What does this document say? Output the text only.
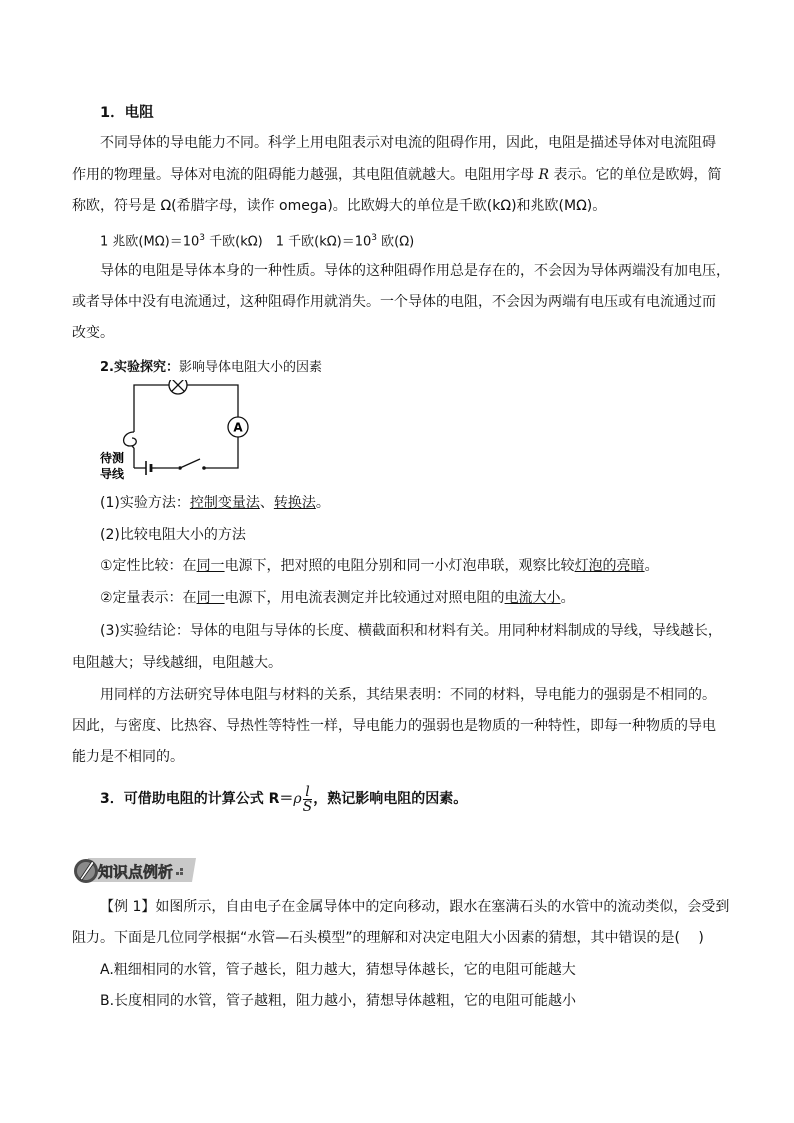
1．电阻
不同导体的导电能力不同。科学上用电阻表示对电流的阻碍作用，因此，电阻是描述导体对电流阻碍
作用的物理量。导体对电流的阻碍能力越强，其电阻值就越大。电阻用字母 R 表示。它的单位是欧姆，简
称欧，符号是 Ω(希腊字母，读作 omega)。比欧姆大的单位是千欧(kΩ)和兆欧(MΩ)。
1 兆欧$(M\Omega)=10^3$ 千欧(kΩ)　1 千欧$(k\Omega)=10^3$ 欧(Ω)
导体的电阻是导体本身的一种性质。导体的这种阻碍作用总是存在的，不会因为导体两端没有加电压，
或者导体中没有电流通过，这种阻碍作用就消失。一个导体的电阻，不会因为两端有电压或有电流通过而
改变。
2.实验探究：影响导体电阻大小的因素
A
待测
导线
(1)实验方法：控制变量法、转换法。
(2)比较电阻大小的方法
①定性比较：在同一电源下，把对照的电阻分别和同一小灯泡串联，观察比较灯泡的亮暗。
②定量表示：在同一电源下，用电流表测定并比较通过对照电阻的电流大小。
(3)实验结论：导体的电阻与导体的长度、横截面积和材料有关。用同种材料制成的导线，导线越长，
电阻越大；导线越细，电阻越大。
用同样的方法研究导体电阻与材料的关系，其结果表明：不同的材料，导电能力的强弱是不相同的。
因此，与密度、比热容、导热性等特性一样，导电能力的强弱也是物质的一种特性，即每一种物质的导电
能力是不相同的。
3．可借助电阻的计算公式 $R=\rho \frac{l}{S}$ ，熟记影响电阻的因素。
知识点例析
【例 1】如图所示，自由电子在金属导体中的定向移动，跟水在塞满石头的水管中的流动类似，会受到
阻力。下面是几位同学根据“水管—石头模型”的理解和对决定电阻大小因素的猜想，其中错误的是(　 )
A.粗细相同的水管，管子越长，阻力越大，猜想导体越长，它的电阻可能越大
B.长度相同的水管，管子越粗，阻力越小，猜想导体越粗，它的电阻可能越小
